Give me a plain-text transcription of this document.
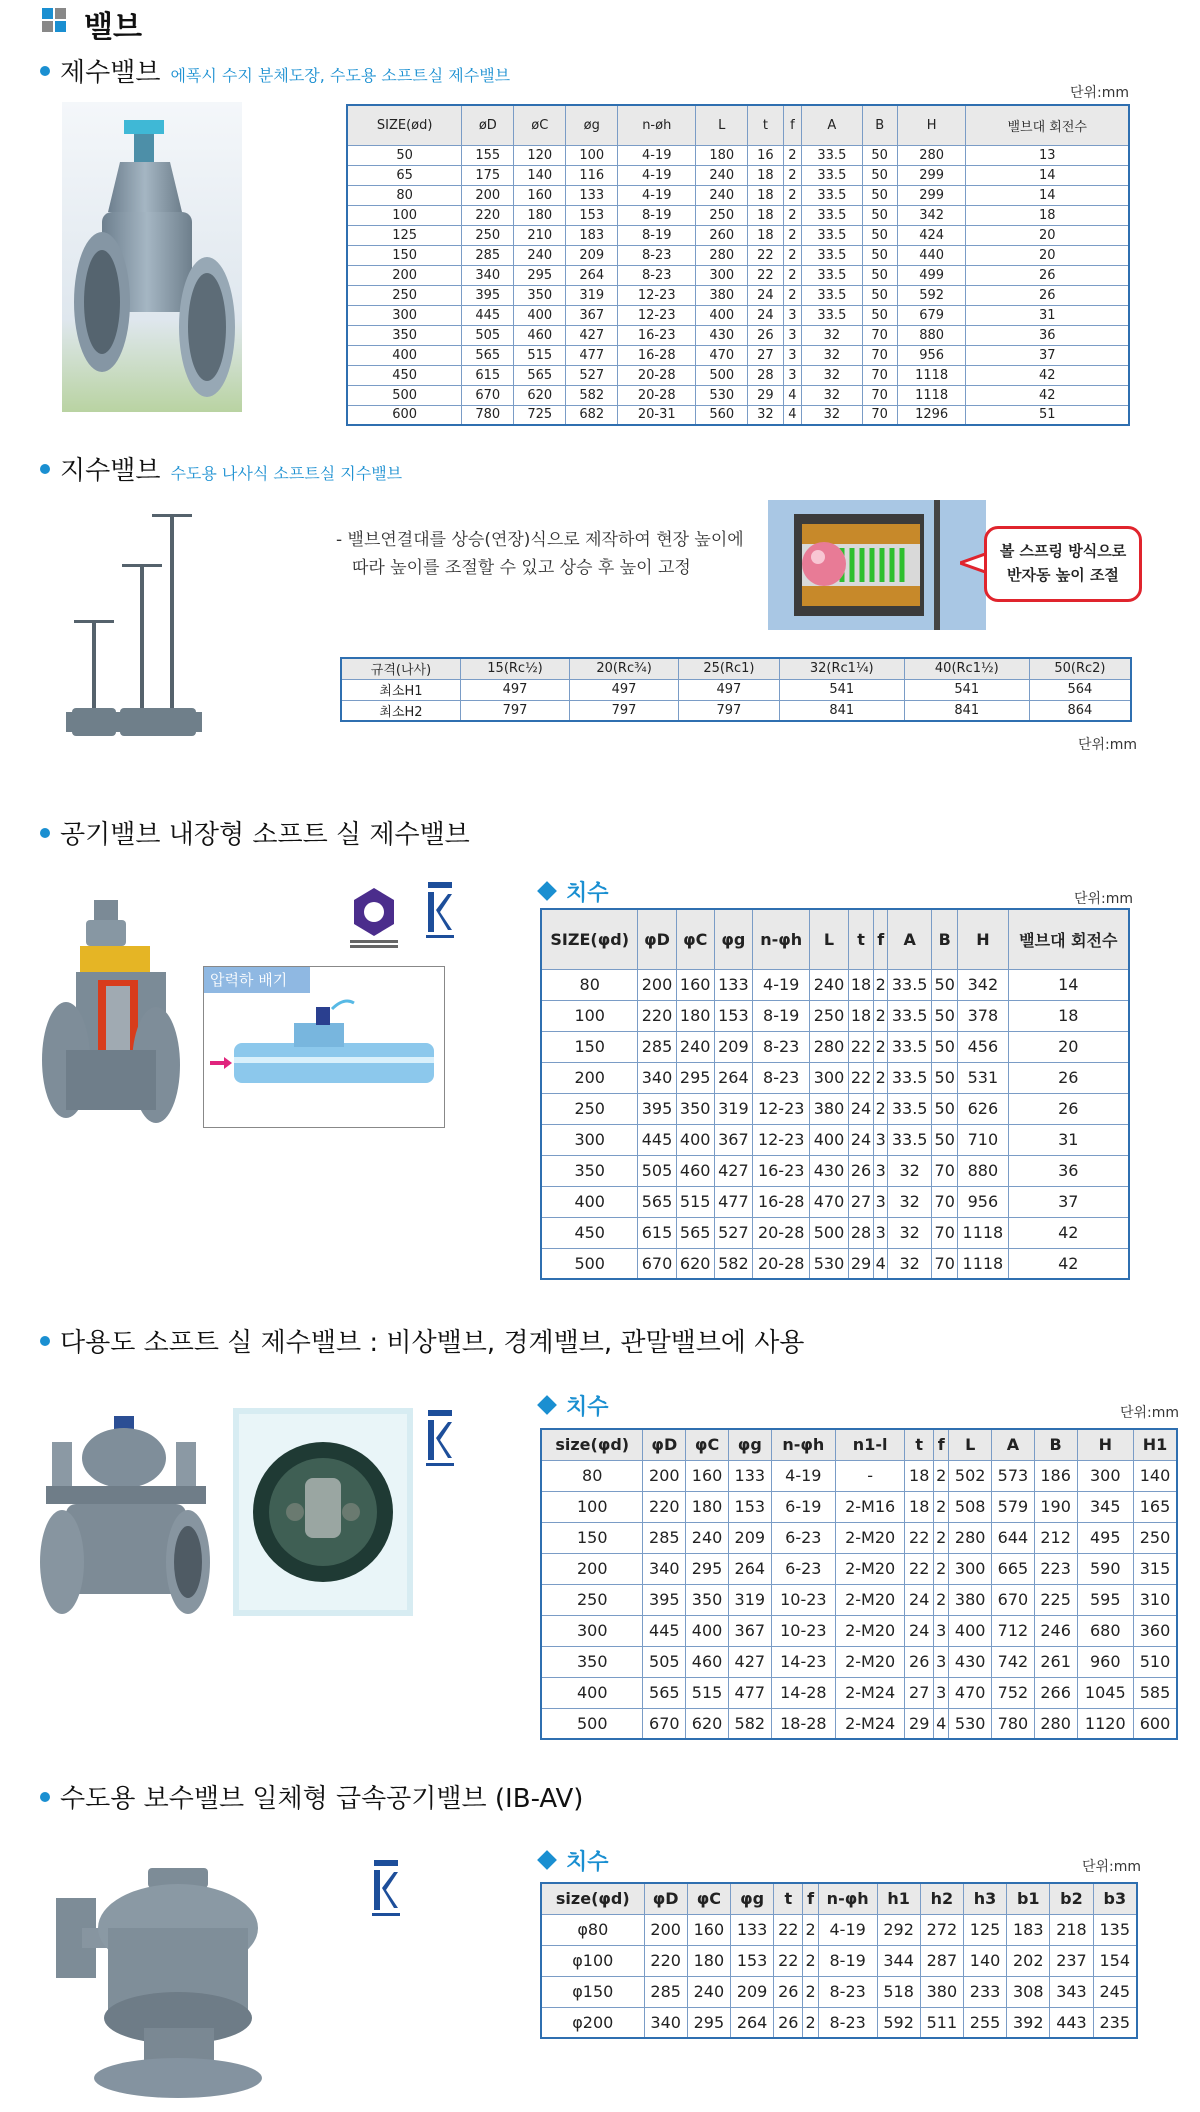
밸브
제수밸브 에폭시 수지 분체도장, 수도용 소프트실 제수밸브
단위:mm
SIZE(ød)	øD	øC	øg	n-øh	L	t	f	A	B	H	밸브대 회전수
50	155	120	100	4-19	180	16	2	33.5	50	280	13
65	175	140	116	4-19	240	18	2	33.5	50	299	14
80	200	160	133	4-19	240	18	2	33.5	50	299	14
100	220	180	153	8-19	250	18	2	33.5	50	342	18
125	250	210	183	8-19	260	18	2	33.5	50	424	20
150	285	240	209	8-23	280	22	2	33.5	50	440	20
200	340	295	264	8-23	300	22	2	33.5	50	499	26
250	395	350	319	12-23	380	24	2	33.5	50	592	26
300	445	400	367	12-23	400	24	3	33.5	50	679	31
350	505	460	427	16-23	430	26	3	32	70	880	36
400	565	515	477	16-28	470	27	3	32	70	956	37
450	615	565	527	20-28	500	28	3	32	70	1118	42
500	670	620	582	20-28	530	29	4	32	70	1118	42
600	780	725	682	20-31	560	32	4	32	70	1296	51
지수밸브 수도용 나사식 소프트실 지수밸브
- 밸브연결대를 상승(연장)식으로 제작하여 현장 높이에
따라 높이를 조절할 수 있고 상승 후 높이 고정
볼 스프링 방식으로
반자동 높이 조절
규격(나사)	15(Rc½)	20(Rc¾)	25(Rc1)	32(Rc1¼)	40(Rc1½)	50(Rc2)
최소H1	497	497	497	541	541	564
최소H2	797	797	797	841	841	864
단위:mm
공기밸브 내장형 소프트 실 제수밸브
압력하 배기
치수	단위:mm
SIZE(φd)	φD	φC	φg	n-φh	L	t	f	A	B	H	밸브대 회전수
80	200	160	133	4-19	240	18	2	33.5	50	342	14
100	220	180	153	8-19	250	18	2	33.5	50	378	18
150	285	240	209	8-23	280	22	2	33.5	50	456	20
200	340	295	264	8-23	300	22	2	33.5	50	531	26
250	395	350	319	12-23	380	24	2	33.5	50	626	26
300	445	400	367	12-23	400	24	3	33.5	50	710	31
350	505	460	427	16-23	430	26	3	32	70	880	36
400	565	515	477	16-28	470	27	3	32	70	956	37
450	615	565	527	20-28	500	28	3	32	70	1118	42
500	670	620	582	20-28	530	29	4	32	70	1118	42
다용도 소프트 실 제수밸브 : 비상밸브, 경계밸브, 관말밸브에 사용
치수	단위:mm
size(φd)	φD	φC	φg	n-φh	n1-l	t	f	L	A	B	H	H1
80	200	160	133	4-19	-	18	2	502	573	186	300	140
100	220	180	153	6-19	2-M16	18	2	508	579	190	345	165
150	285	240	209	6-23	2-M20	22	2	280	644	212	495	250
200	340	295	264	6-23	2-M20	22	2	300	665	223	590	315
250	395	350	319	10-23	2-M20	24	2	380	670	225	595	310
300	445	400	367	10-23	2-M20	24	3	400	712	246	680	360
350	505	460	427	14-23	2-M20	26	3	430	742	261	960	510
400	565	515	477	14-28	2-M24	27	3	470	752	266	1045	585
500	670	620	582	18-28	2-M24	29	4	530	780	280	1120	600
수도용 보수밸브 일체형 급속공기밸브 (IB-AV)
치수	단위:mm
size(φd)	φD	φC	φg	t	f	n-φh	h1	h2	h3	b1	b2	b3
φ80	200	160	133	22	2	4-19	292	272	125	183	218	135
φ100	220	180	153	22	2	8-19	344	287	140	202	237	154
φ150	285	240	209	26	2	8-23	518	380	233	308	343	245
φ200	340	295	264	26	2	8-23	592	511	255	392	443	235
